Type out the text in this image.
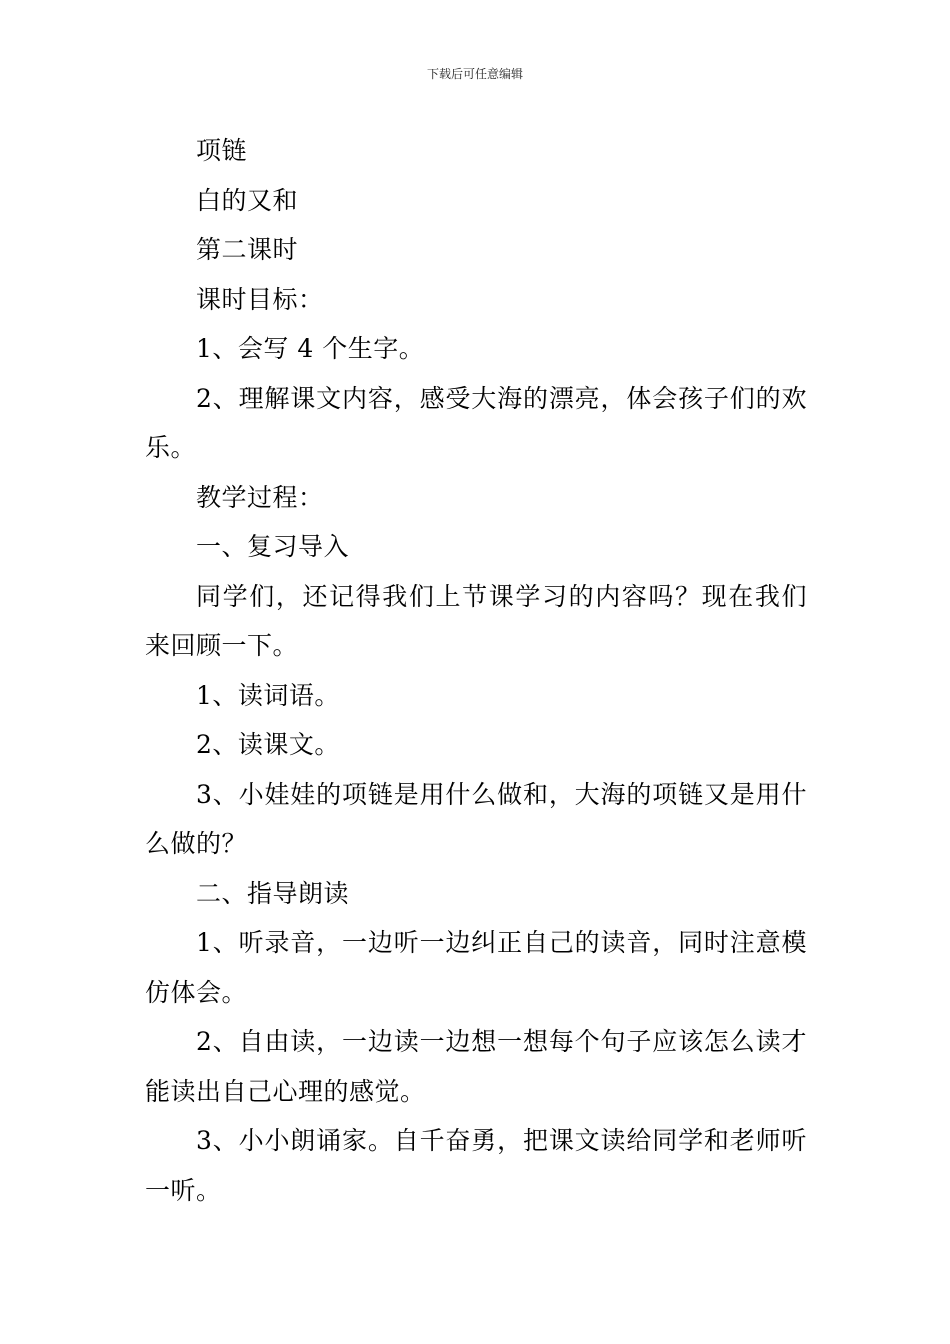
下载后可任意编辑

项链

白的又和

第二课时

课时目标：

1、会写 4 个生字。

2、理解课文内容，感受大海的漂亮，体会孩子们的欢乐。

教学过程：

一、复习导入

同学们，还记得我们上节课学习的内容吗？现在我们来回顾一下。

1、读词语。

2、读课文。

3、小娃娃的项链是用什么做和，大海的项链又是用什么做的？

二、指导朗读

1、听录音，一边听一边纠正自己的读音，同时注意模仿体会。

2、自由读，一边读一边想一想每个句子应该怎么读才能读出自己心理的感觉。

3、小小朗诵家。自千奋勇，把课文读给同学和老师听一听。
